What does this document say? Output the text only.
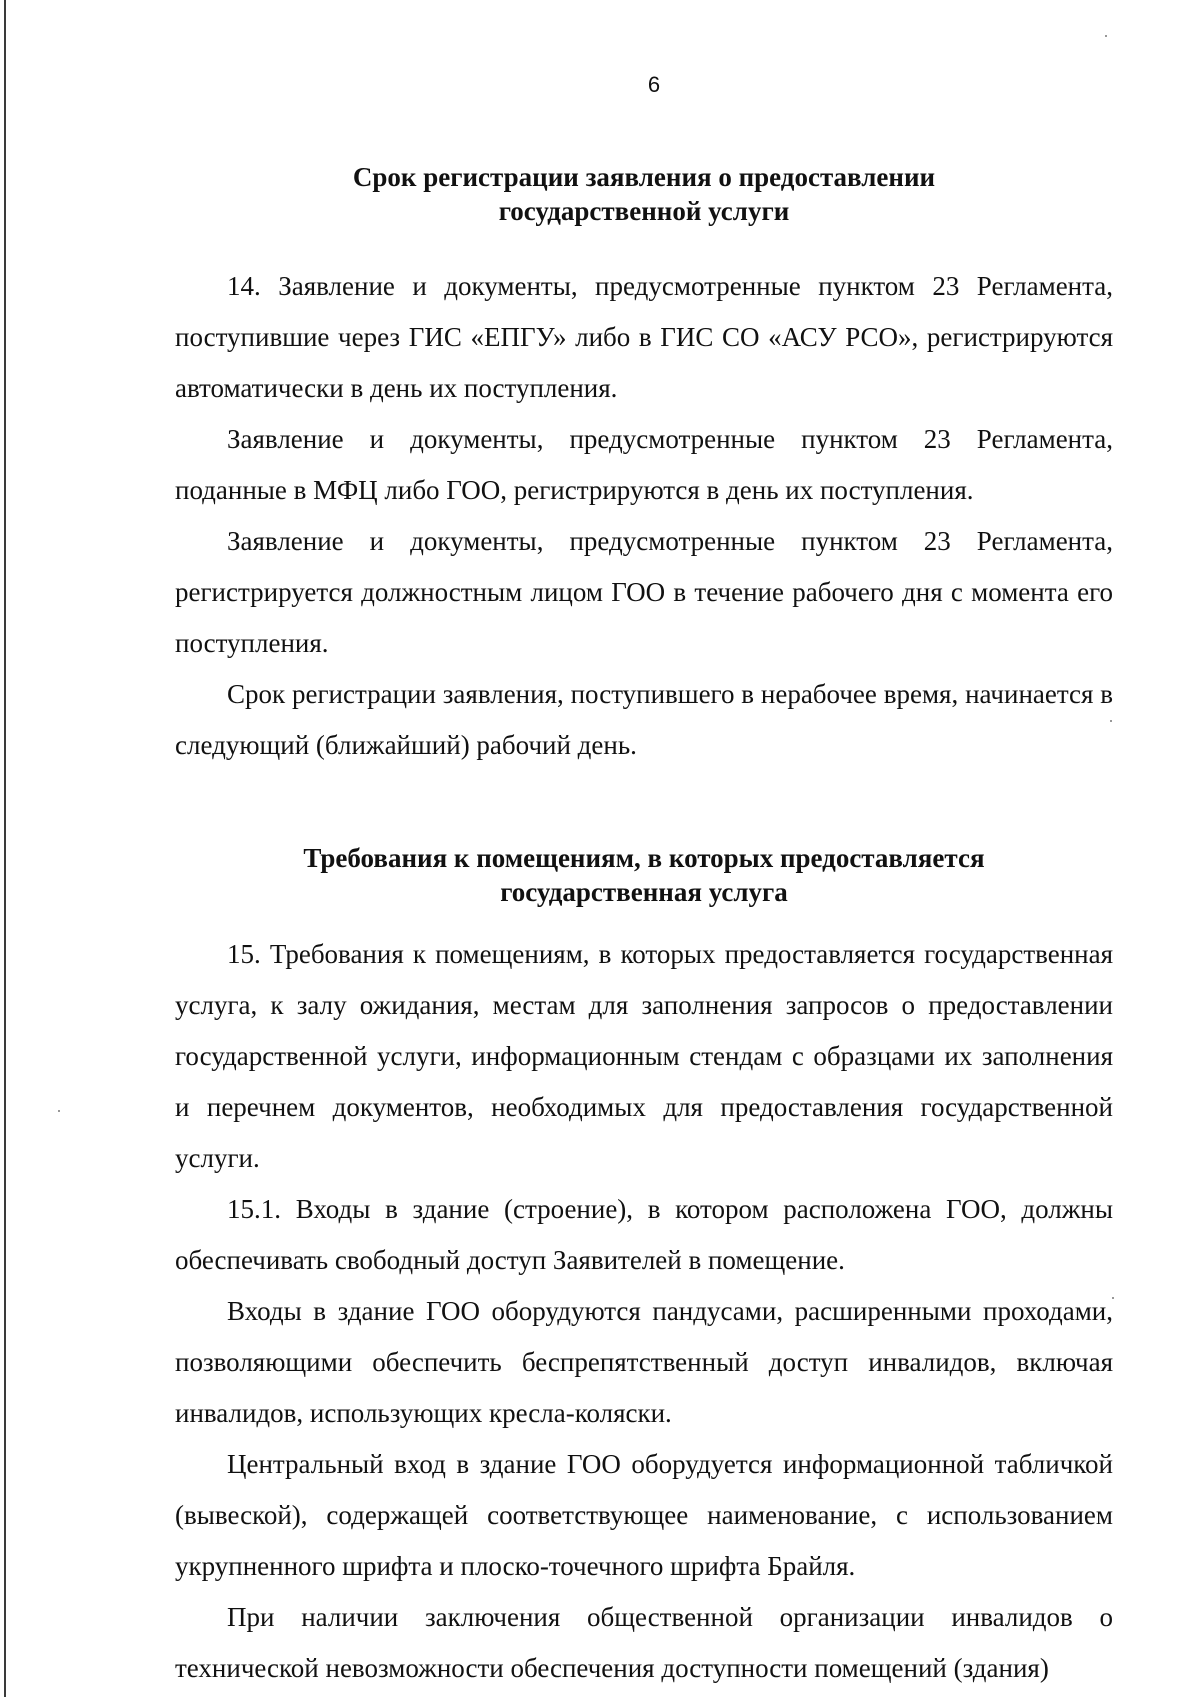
6
Срок регистрации заявления о предоставлении
государственной услуги

14. Заявление и документы, предусмотренные пунктом 23 Регламента, поступившие через ГИС «ЕПГУ» либо в ГИС СО «АСУ РСО», регистрируются автоматически в день их поступления.

Заявление и документы, предусмотренные пунктом 23 Регламента, поданные в МФЦ либо ГОО, регистрируются в день их поступления.

Заявление и документы, предусмотренные пунктом 23 Регламента, регистрируется должностным лицом ГОО в течение рабочего дня с момента его поступления.

Срок регистрации заявления, поступившего в нерабочее время, начинается в следующий (ближайший) рабочий день.

Требования к помещениям, в которых предоставляется
государственная услуга

15. Требования к помещениям, в которых предоставляется государственная услуга, к залу ожидания, местам для заполнения запросов о предоставлении государственной услуги, информационным стендам с образцами их заполнения и перечнем документов, необходимых для предоставления государственной услуги.

15.1. Входы в здание (строение), в котором расположена ГОО, должны обеспечивать свободный доступ Заявителей в помещение.

Входы в здание ГОО оборудуются пандусами, расширенными проходами, позволяющими обеспечить беспрепятственный доступ инвалидов, включая инвалидов, использующих кресла-коляски.

Центральный вход в здание ГОО оборудуется информационной табличкой (вывеской), содержащей соответствующее наименование, с использованием укрупненного шрифта и плоско-точечного шрифта Брайля.

При наличии заключения общественной организации инвалидов о технической невозможности обеспечения доступности помещений (здания)
